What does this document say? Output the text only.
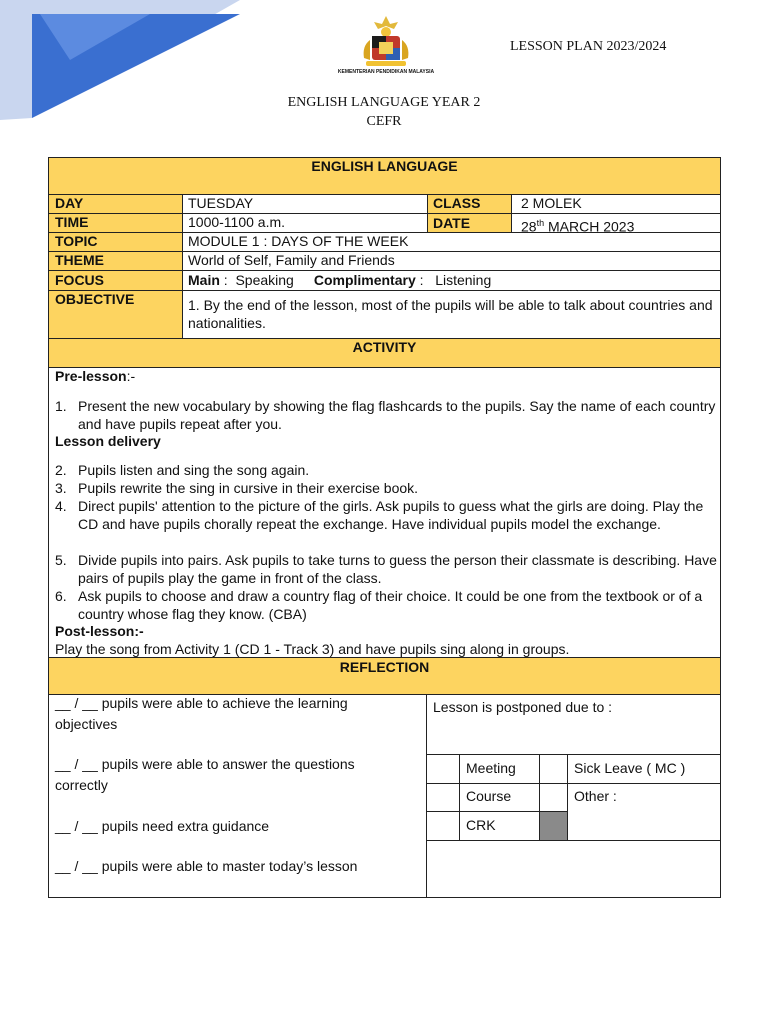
KEMENTERIAN PENDIDIKAN MALAYSIA
LESSON PLAN 2023/2024
ENGLISH LANGUAGE YEAR 2
CEFR
ENGLISH LANGUAGE
DAY	TUESDAY	CLASS	2 MOLEK
TIME	1000-1100 a.m.	DATE	28th MARCH 2023
TOPIC	MODULE 1 : DAYS OF THE WEEK
THEME	World of Self, Family and Friends
FOCUS	Main :  Speaking Complimentary :   Listening
OBJECTIVE	1. By the end of the lesson, most of the pupils will be able to talk about countries and nationalities.
ACTIVITY
Pre-lesson:-
1. Present the new vocabulary by showing the flag flashcards to the pupils. Say the name of each country and have pupils repeat after you.
Lesson delivery
2. Pupils listen and sing the song again.
3. Pupils rewrite the sing in cursive in their exercise book.
4. Direct pupils' attention to the picture of the girls. Ask pupils to guess what the girls are doing. Play the CD and have pupils chorally repeat the exchange. Have individual pupils model the exchange.
5. Divide pupils into pairs. Ask pupils to take turns to guess the person their classmate is describing. Have pairs of pupils play the game in front of the class.
6. Ask pupils to choose and draw a country flag of their choice. It could be one from the textbook or of a country whose flag they know. (CBA)
Post-lesson:-
Play the song from Activity 1 (CD 1 - Track 3) and have pupils sing along in groups.
REFLECTION
__ / __ pupils were able to achieve the learning objectives
__ / __ pupils were able to answer the questions correctly
__ / __ pupils need extra guidance
__ / __ pupils were able to master today’s lesson
Lesson is postponed due to :
Meeting	Sick Leave ( MC )
Course	Other :
CRK
